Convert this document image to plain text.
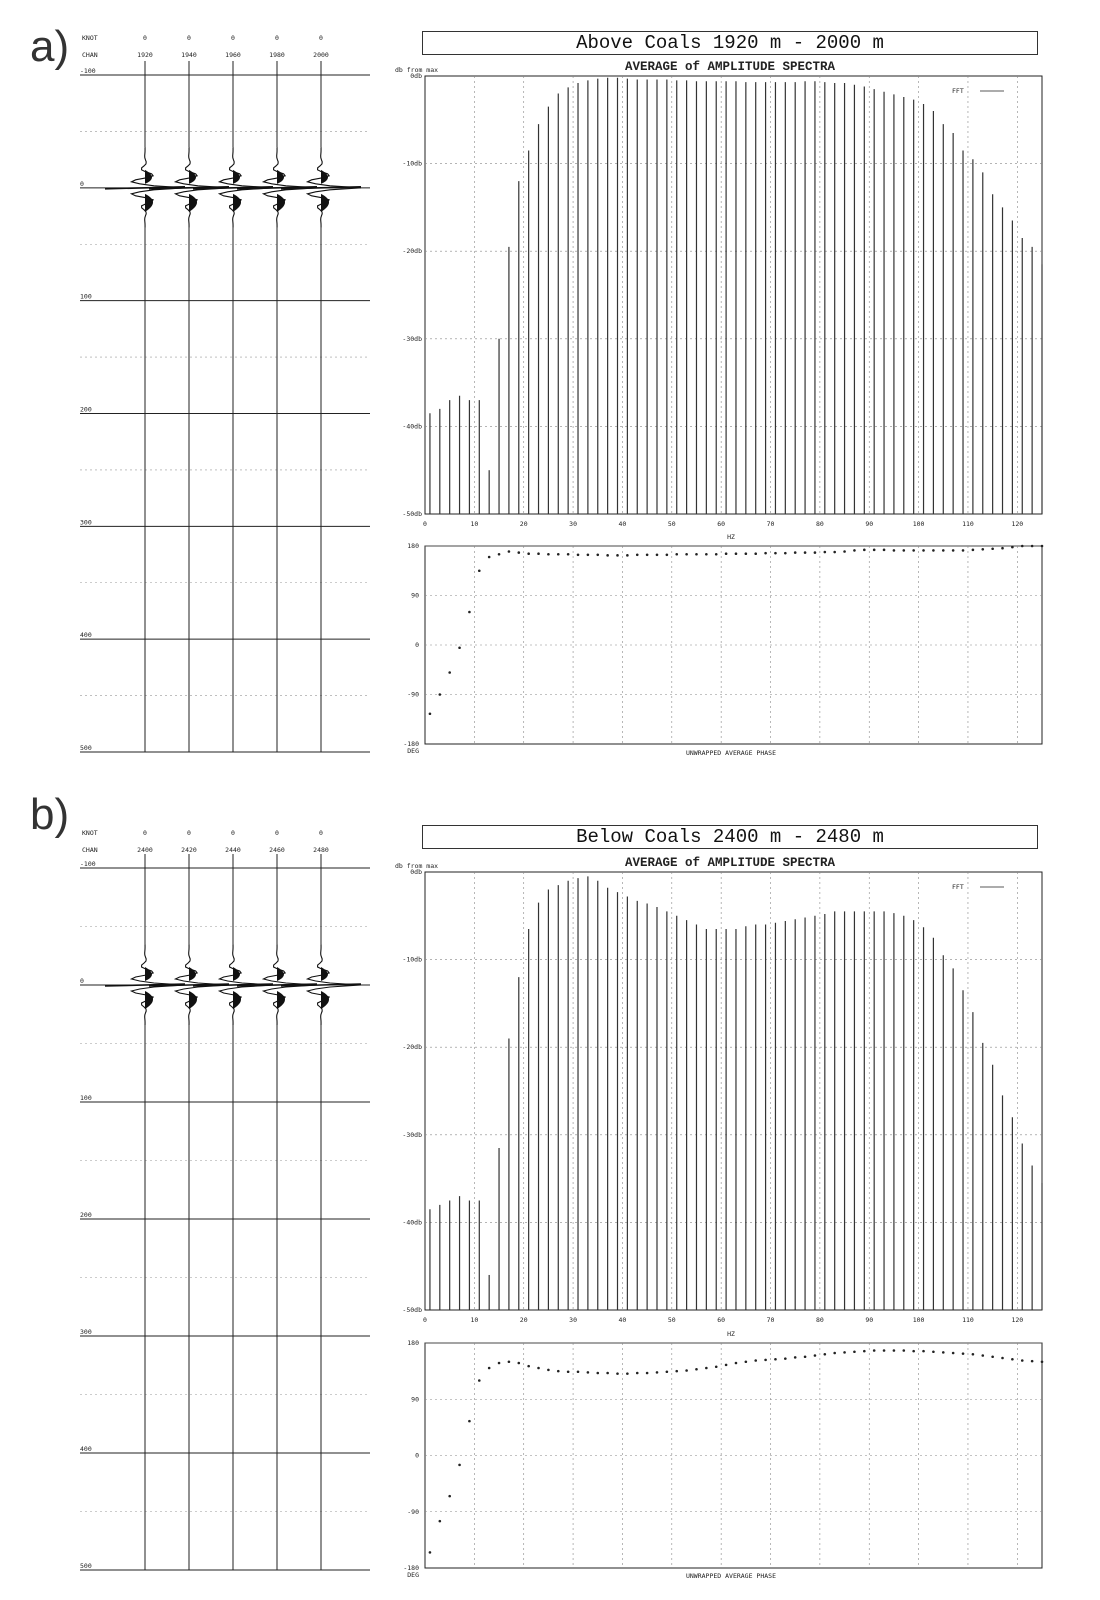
a)	Above Coals 1920 m - 2000 m
KNOT
CHAN
0	0	0	0	0
1920	1940	1960	1980	2000
-100
0
100
200
300
400
500
0db
-10db
-20db
-30db
-40db
-50db
0	10	20	30	40	50	60	70	80	90	100	110	120
180
90
0
-90
-180
DEG
AVERAGE of AMPLITUDE SPECTRA
db from max
FFT
HZ
UNWRAPPED AVERAGE PHASE
b)	Below Coals 2400 m - 2480 m
KNOT
CHAN
0	0	0	0	0
2400	2420	2440	2460	2480
-100
0
100
200
300
400
500
0db
-10db
-20db
-30db
-40db
-50db
0	10	20	30	40	50	60	70	80	90	100	110	120
180
90
0
-90
-180
DEG
AVERAGE of AMPLITUDE SPECTRA
db from max
FFT
HZ
UNWRAPPED AVERAGE PHASE
